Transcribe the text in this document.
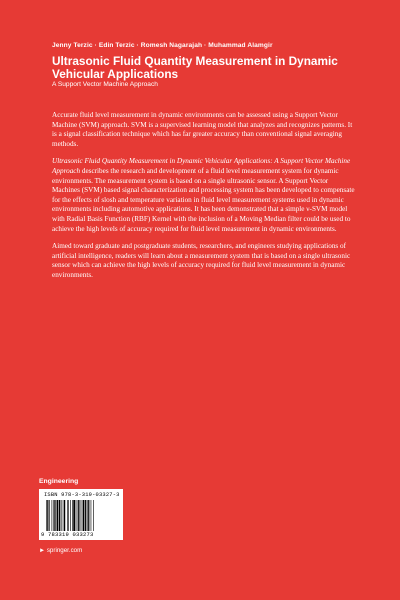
Jenny Terzic · Edin Terzic · Romesh Nagarajah · Muhammad Alamgir
Ultrasonic Fluid Quantity Measurement in Dynamic Vehicular Applications
A Support Vector Machine Approach

Accurate fluid level measurement in dynamic environments can be assessed using a Support Vector Machine (SVM) approach. SVM is a supervised learning model that analyzes and recognizes patterns. It is a signal classification technique which has far greater accuracy than conventional signal averaging methods.

Ultrasonic Fluid Quantity Measurement in Dynamic Vehicular Applications: A Support Vector Machine Approach describes the research and development of a fluid level measurement system for dynamic environments. The measurement system is based on a single ultrasonic sensor. A Support Vector Machines (SVM) based signal characterization and processing system has been developed to compensate for the effects of slosh and temperature variation in fluid level measurement systems used in dynamic environments including automotive applications. It has been demonstrated that a simple ν-SVM model with Radial Basis Function (RBF) Kernel with the inclusion of a Moving Median filter could be used to achieve the high levels of accuracy required for fluid level measurement in dynamic environments.

Aimed toward graduate and postgraduate students, researchers, and engineers studying applications of artificial intelligence, readers will learn about a measurement system that is based on a single ultrasonic sensor which can achieve the high levels of accuracy required for fluid level measurement in dynamic environments.

Engineering
ISBN 978-3-319-03327-3
9 783319 033273
► springer.com
